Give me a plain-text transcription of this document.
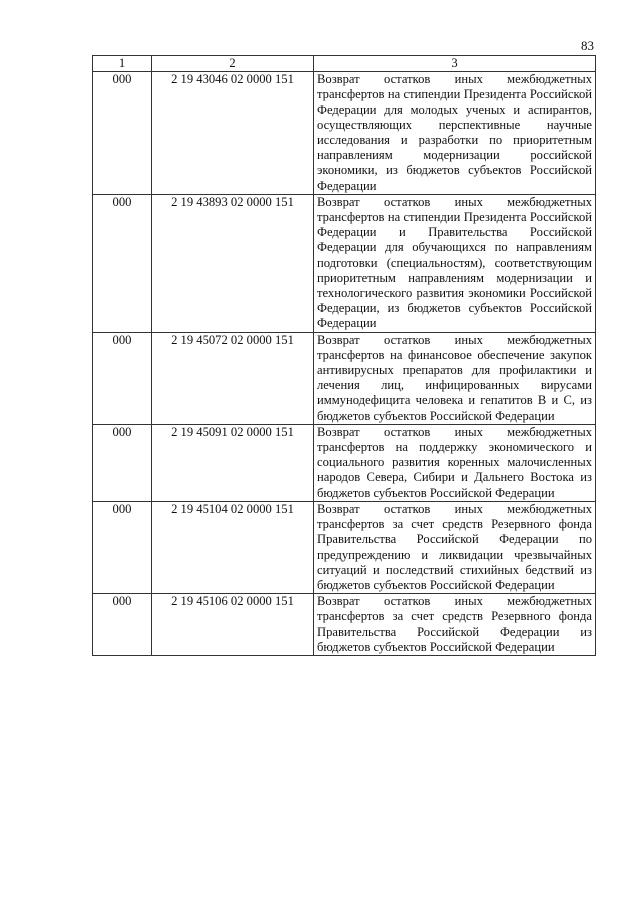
83
1	2	3
000	2 19 43046 02 0000 151	Возврат остатков иных межбюджетных трансфертов на стипендии Президента Российской Федерации для молодых ученых и аспирантов, осуществляющих перспективные научные исследования и разработки по приоритетным направлениям модернизации российской экономики, из бюджетов субъектов Российской Федерации
000	2 19 43893 02 0000 151	Возврат остатков иных межбюджетных трансфертов на стипендии Президента Российской Федерации и Правительства Российской Федерации для обучающихся по направлениям подготовки (специальностям), соответствующим приоритетным направлениям модернизации и технологического развития экономики Российской Федерации, из бюджетов субъектов Российской Федерации
000	2 19 45072 02 0000 151	Возврат остатков иных межбюджетных трансфертов на финансовое обеспечение закупок антивирусных препаратов для профилактики и лечения лиц, инфицированных вирусами иммунодефицита человека и гепатитов В и С, из бюджетов субъектов Российской Федерации
000	2 19 45091 02 0000 151	Возврат остатков иных межбюджетных трансфертов на поддержку экономического и социального развития коренных малочисленных народов Севера, Сибири и Дальнего Востока из бюджетов субъектов Российской Федерации
000	2 19 45104 02 0000 151	Возврат остатков иных межбюджетных трансфертов за счет средств Резервного фонда Правительства Российской Федерации по предупреждению и ликвидации чрезвычайных ситуаций и последствий стихийных бедствий из бюджетов субъектов Российской Федерации
000	2 19 45106 02 0000 151	Возврат остатков иных межбюджетных трансфертов за счет средств Резервного фонда Правительства Российской Федерации из бюджетов субъектов Российской Федерации
